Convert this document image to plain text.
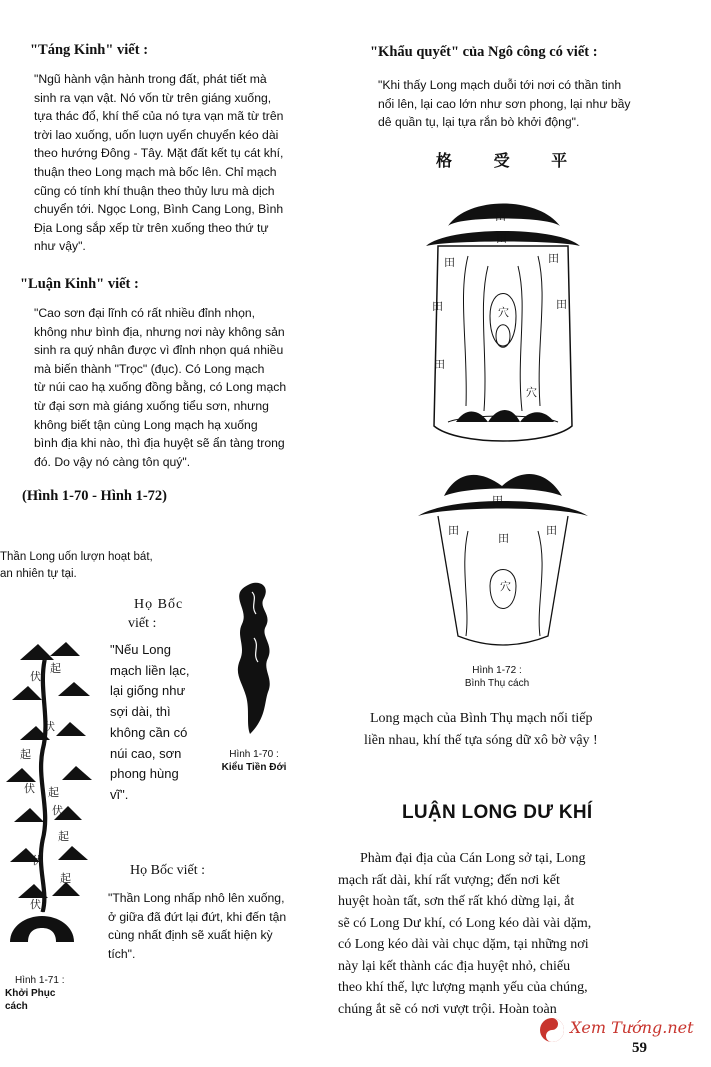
"Táng Kinh" viết :

"Ngũ hành vận hành trong đất, phát tiết mà

sinh ra vạn vật. Nó vốn từ trên giáng xuống,

tựa thác đổ, khí thế của nó tựa vạn mã từ trên

trời lao xuống, uốn luợn uyển chuyển kéo dài

theo hướng Đông - Tây. Mặt đất kết tụ cát khí,

thuận theo Long mạch mà bốc lên. Chỉ mạch

cũng có tính khí thuận theo thủy lưu mà dịch

chuyển tới. Ngọc Long, Bình Cang Long, Bình

Địa Long sắp xếp từ trên xuống theo thứ tự

như vậy".

"Luận Kinh" viết :

"Cao sơn đại lĩnh có rất nhiều đỉnh nhọn,

không như bình địa, nhưng nơi này không sản

sinh ra quý nhân được vì đỉnh nhọn quá nhiều

mà biến thành "Trọc" (đục). Có Long mạch

từ núi cao hạ xuống đồng bằng, có Long mạch

từ đại sơn mà giáng xuống tiểu sơn, nhưng

không biết tận cùng Long mạch hạ xuống

bình địa khi nào, thì địa huyệt sẽ ẩn tàng trong

đó. Do vậy nó càng tôn quý".

(Hình 1-70 - Hình 1-72)
Thần Long uốn lượn hoạt bát,
an nhiên tự tại.
Họ Bốc
viết :

"Nếu Long

mạch liền lạc,

lại giống như

sợi dài, thì

không cần có

núi cao, sơn

phong hùng

vĩ".

Hình 1-70 :
Kiểu Tiền Đới
伏
起
伏
起
伏 起
伏
起
伏
起
伏
Hình 1-71 :
Khởi Phục cách
Họ Bốc viết :

"Thần Long nhấp nhô lên xuống,

ở giữa đã đứt lại đứt, khi đến tận

cùng nhất định sẽ xuất hiện kỳ

tích".

"Khẩu quyết" của Ngô công có viết :

"Khi thấy Long mạch duỗi tới nơi có thần tinh

nổi lên, lại cao lớn như sơn phong, lại như bầy

dê quần tụ, lại tựa rắn bò khởi động".

格 受 平
田
田
田	田
田	田
田
穴
穴
田
田	田
田
穴
Hình 1-72 :
Bình Thụ cách
Long mạch của Bình Thụ mạch nối tiếp
liền nhau, khí thế tựa sóng dữ xô bờ vậy !
LUẬN LONG DƯ KHÍ
Phàm đại địa của Cán Long sở tại, Long
mạch rất dài, khí rất vượng; đến nơi kết
huyệt hoàn tất, sơn thế rất khó dừng lại, ắt
sẽ có Long Dư khí, có Long kéo dài vài dặm,
có Long kéo dài vài chục dặm, tại những nơi
này lại kết thành các địa huyệt nhỏ, chiếu
theo khí thế, lực lượng mạnh yếu của chúng,
chúng ắt sẽ có nơi vượt trội. Hoàn toàn
Xem Tướng.net
59
